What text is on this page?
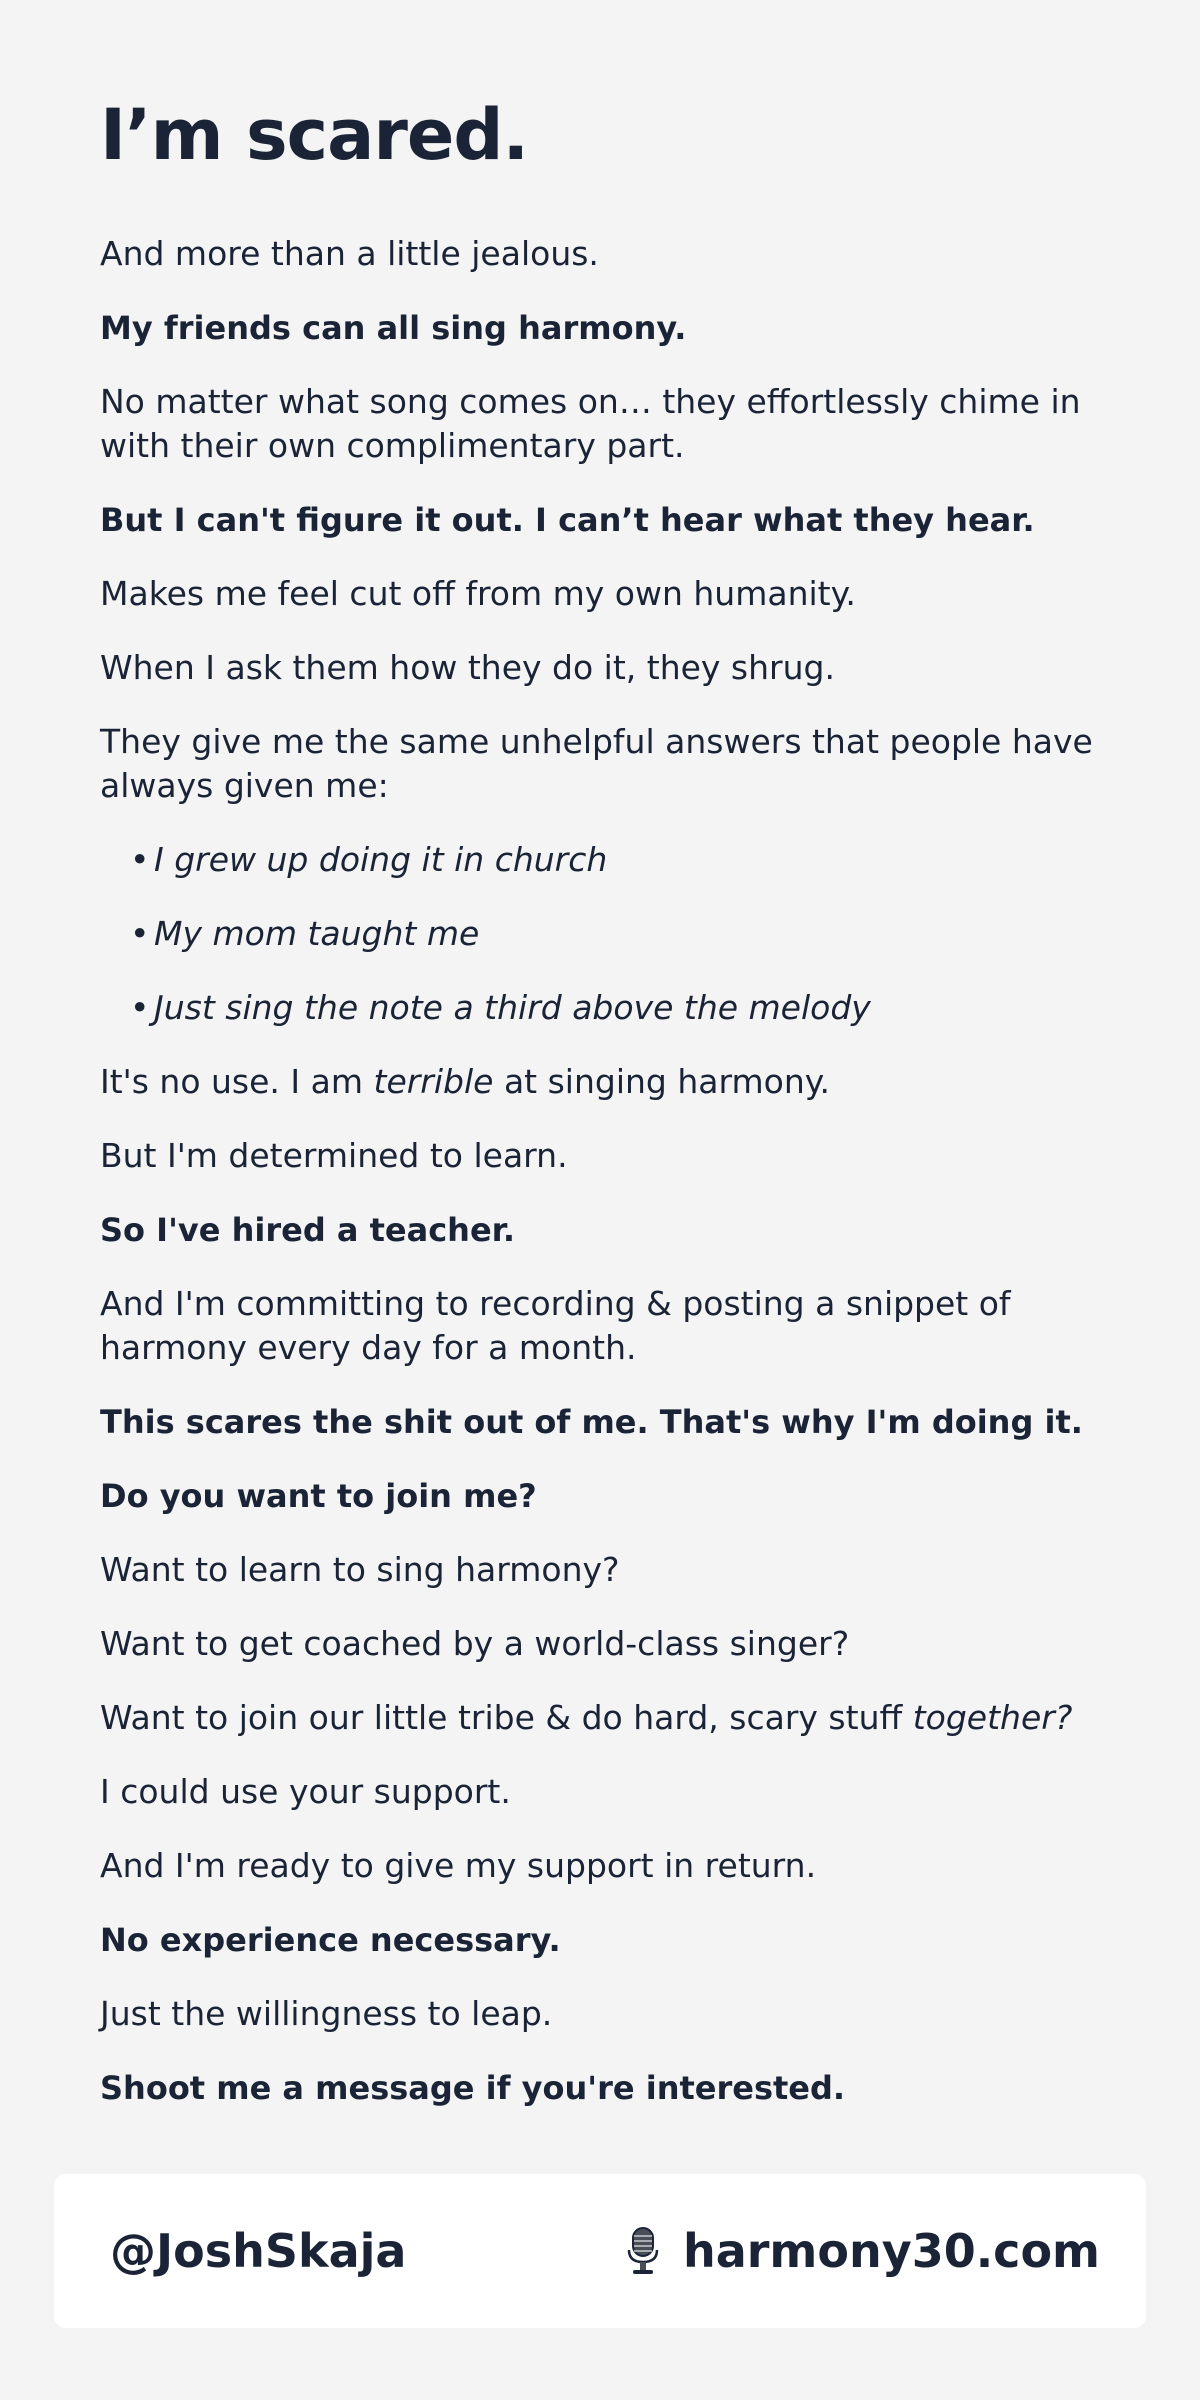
I’m scared.

And more than a little jealous.

My friends can all sing harmony.

No matter what song comes on… they effortlessly chime in with their own complimentary part.

But I can't figure it out. I can’t hear what they hear.

Makes me feel cut off from my own humanity.

When I ask them how they do it, they shrug.

They give me the same unhelpful answers that people have always given me:

• I grew up doing it in church
• My mom taught me
• Just sing the note a third above the melody

It's no use. I am terrible at singing harmony.

But I'm determined to learn.

So I've hired a teacher.

And I'm committing to recording & posting a snippet of harmony every day for a month.

This scares the shit out of me. That's why I'm doing it.

Do you want to join me?

Want to learn to sing harmony?

Want to get coached by a world-class singer?

Want to join our little tribe & do hard, scary stuff together?

I could use your support.

And I'm ready to give my support in return.

No experience necessary.

Just the willingness to leap.

Shoot me a message if you're interested.

@JoshSkaja	harmony30.com
